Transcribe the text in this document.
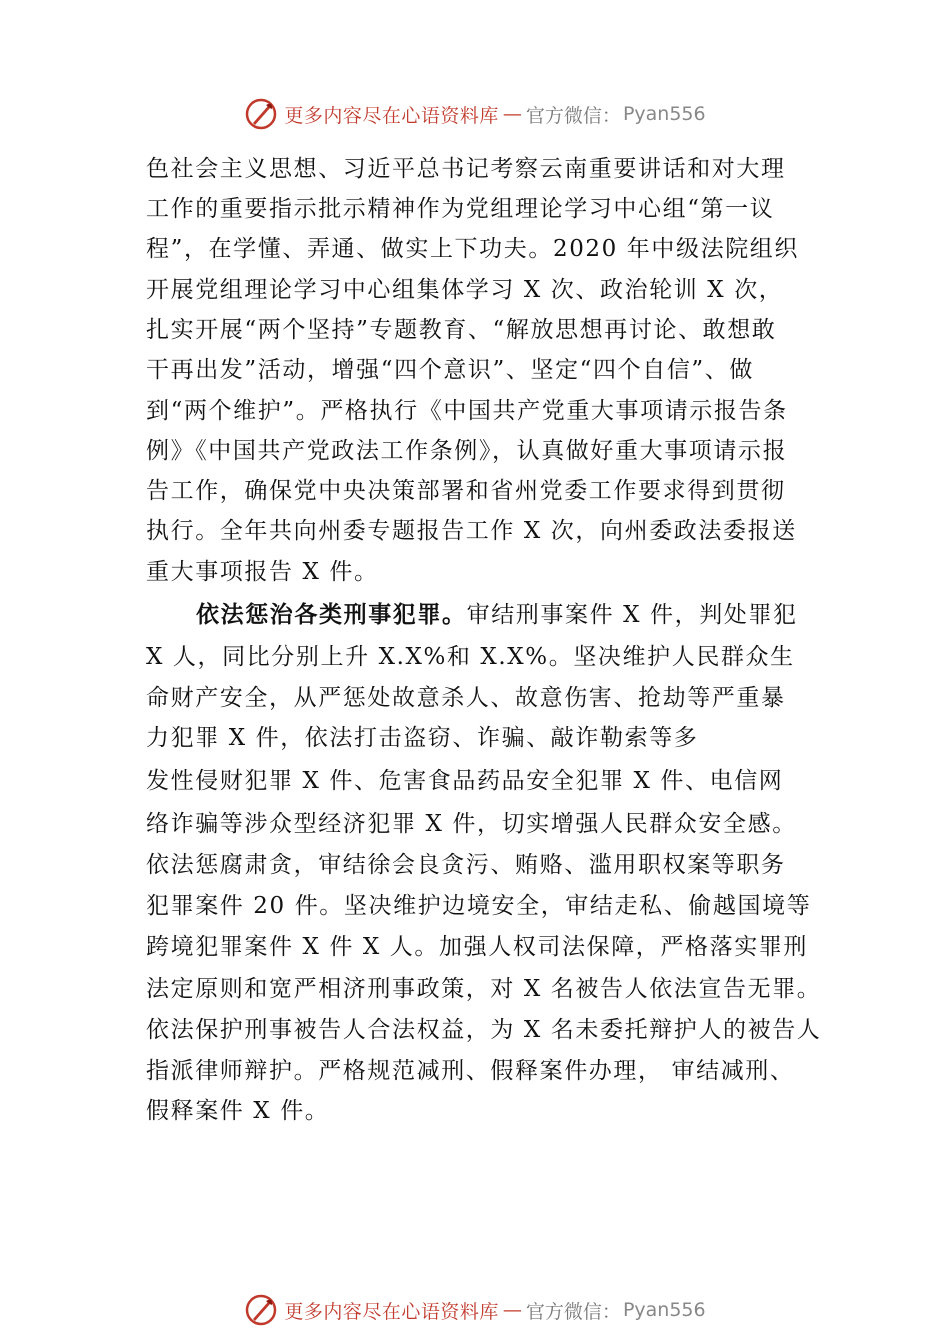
更多内容尽在心语资料库 — 官方微信： Pyan556
色社会主义思想、习近平总书记考察云南重要讲话和对大理
工作的重要指示批示精神作为党组理论学习中心组“第一议
程”，在学懂、弄通、做实上下功夫。2020 年中级法院组织
开展党组理论学习中心组集体学习 X 次、政治轮训 X 次，
扎实开展“两个坚持”专题教育、“解放思想再讨论、敢想敢
干再出发”活动，增强“四个意识”、坚定“四个自信”、做
到“两个维护”。严格执行《中国共产党重大事项请示报告条
例》《中国共产党政法工作条例》，认真做好重大事项请示报
告工作，确保党中央决策部署和省州党委工作要求得到贯彻
执行。全年共向州委专题报告工作 X 次，向州委政法委报送
重大事项报告 X 件。
依法惩治各类刑事犯罪。审结刑事案件 X 件，判处罪犯
X 人，同比分别上升 X.X%和 X.X%。坚决维护人民群众生
命财产安全，从严惩处故意杀人、故意伤害、抢劫等严重暴
力犯罪 X 件，依法打击盗窃、诈骗、敲诈勒索等多
发性侵财犯罪 X 件、危害食品药品安全犯罪 X 件、电信网
络诈骗等涉众型经济犯罪 X 件，切实增强人民群众安全感。
依法惩腐肃贪，审结徐会良贪污、贿赂、滥用职权案等职务
犯罪案件 20 件。坚决维护边境安全，审结走私、偷越国境等
跨境犯罪案件 X 件 X 人。加强人权司法保障，严格落实罪刑
法定原则和宽严相济刑事政策，对 X 名被告人依法宣告无罪。
依法保护刑事被告人合法权益，为 X 名未委托辩护人的被告人
指派律师辩护。严格规范减刑、假释案件办理， 审结减刑、
假释案件 X 件。
更多内容尽在心语资料库 — 官方微信： Pyan556
